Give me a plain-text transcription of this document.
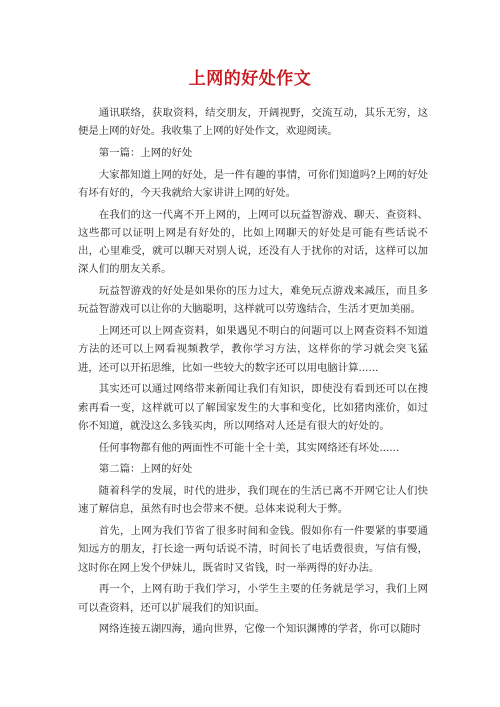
上网的好处作文

通讯联络，获取资料，结交朋友，开阔视野，交流互动，其乐无穷，这便是上网的好处。我收集了上网的好处作文，欢迎阅读。

第一篇：上网的好处

大家都知道上网的好处，是一件有趣的事情，可你们知道吗?上网的好处有坏有好的，今天我就给大家讲讲上网的好处。

在我们的这一代离不开上网的，上网可以玩益智游戏、聊天、查资料、这些都可以证明上网是有好处的，比如上网聊天的好处是可能有些话说不出，心里难受，就可以聊天对别人说，还没有人于扰你的对话，这样可以加深人们的朋友关系。

玩益智游戏的好处是如果你的压力过大，难免玩点游戏来减压，而且多玩益智游戏可以让你的大脑聪明，这样就可以劳逸结合，生活才更加美丽。

上网还可以上网查资料，如果遇见不明白的问题可以上网查资料不知道方法的还可以上网看视频教学，教你学习方法，这样你的学习就会突飞猛进，还可以开拓思维，比如一些较大的数字还可以用电脑计算......

其实还可以通过网络带来新闻让我们有知识，即使没有看到还可以在搜索再看一变，这样就可以了解国家发生的大事和变化，比如猪肉涨价，如过你不知道，就没这么多钱买肉，所以网络对人还是有很大的好处的。

任何事物都有他的两面性不可能十全十美，其实网络还有坏处......

第二篇：上网的好处

随着科学的发展，时代的进步，我们现在的生活已离不开网它让人们快速了解信息，虽然有时也会带来不便。总体来说利大于弊。

首先，上网为我们节省了很多时间和金钱。假如你有一件要紧的事要通知远方的朋友，打长途一两句话说不清，时间长了电话费很贵，写信有慢，这时你在网上发个伊妹儿，既省时又省钱，时一举两得的好办法。

再一个，上网有助于我们学习，小学生主要的任务就是学习，我们上网可以查资料，还可以扩展我们的知识面。

网络连接五湖四海，通向世界，它像一个知识渊博的学者，你可以随时
